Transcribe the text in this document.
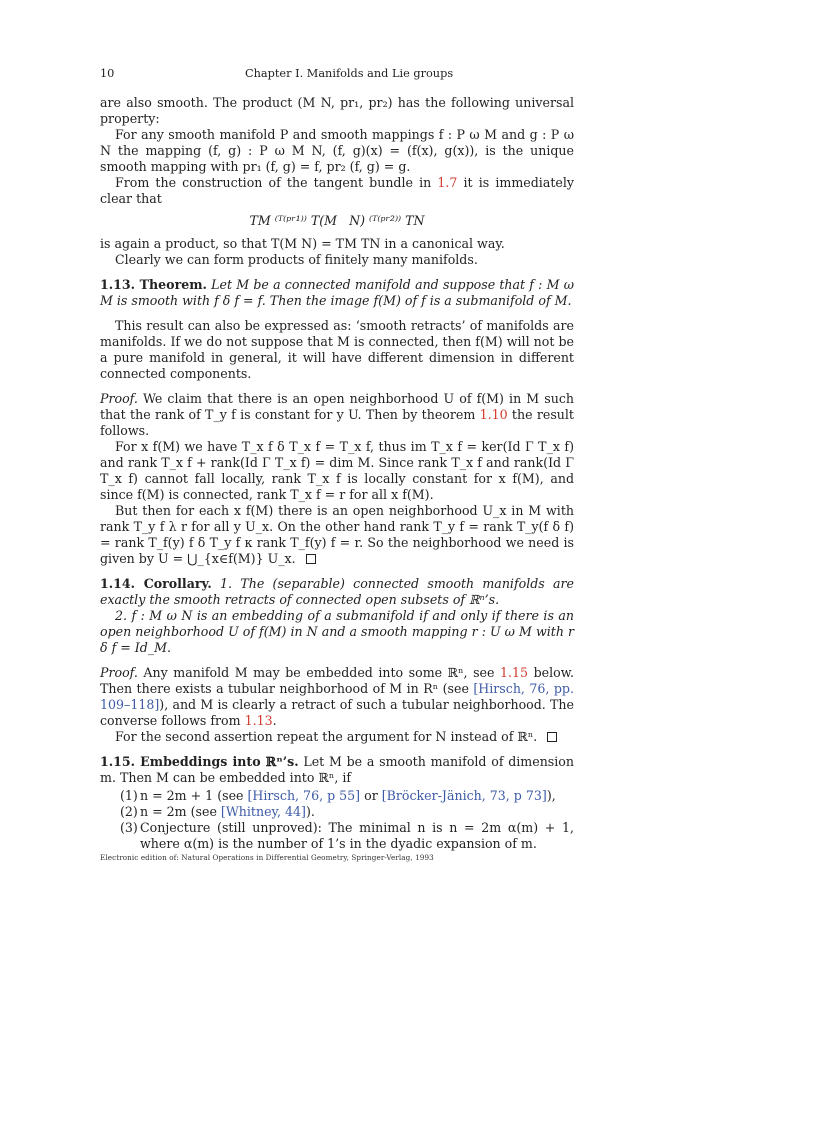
10	Chapter I. Manifolds and Lie groups

are also smooth. The product (M N, pr₁, pr₂) has the following universal property:

For any smooth manifold P and smooth mappings f : P ω M and g : P ω N the mapping (f, g) : P ω M N, (f, g)(x) = (f(x), g(x)), is the unique smooth mapping with pr₁ (f, g) = f, pr₂ (f, g) = g.

From the construction of the tangent bundle in 1.7 it is immediately clear that

TM ⁽ᵀ⁽ᵖʳ¹⁾⁾ T(M   N) ⁽ᵀ⁽ᵖʳ²⁾⁾ TN

is again a product, so that T(M N) = TM TN in a canonical way.

Clearly we can form products of finitely many manifolds.

1.13. Theorem. Let M be a connected manifold and suppose that f : M ω M is smooth with f δ f = f. Then the image f(M) of f is a submanifold of M.

This result can also be expressed as: ‘smooth retracts’ of manifolds are manifolds. If we do not suppose that M is connected, then f(M) will not be a pure manifold in general, it will have different dimension in different connected components.

Proof. We claim that there is an open neighborhood U of f(M) in M such that the rank of T_y f is constant for y U. Then by theorem 1.10 the result follows.

For x f(M) we have T_x f δ T_x f = T_x f, thus im T_x f = ker(Id Γ T_x f) and rank T_x f + rank(Id Γ T_x f) = dim M. Since rank T_x f and rank(Id Γ T_x f) cannot fall locally, rank T_x f is locally constant for x f(M), and since f(M) is connected, rank T_x f = r for all x f(M).

But then for each x f(M) there is an open neighborhood U_x in M with rank T_y f λ r for all y U_x. On the other hand rank T_y f = rank T_y(f δ f) = rank T_f(y) f δ T_y f κ rank T_f(y) f = r. So the neighborhood we need is given by U = ⋃_{x∈f(M)} U_x.

1.14. Corollary. 1. The (separable) connected smooth manifolds are exactly the smooth retracts of connected open subsets of ℝⁿ’s.

2. f : M ω N is an embedding of a submanifold if and only if there is an open neighborhood U of f(M) in N and a smooth mapping r : U ω M with r δ f = Id_M.

Proof. Any manifold M may be embedded into some ℝⁿ, see 1.15 below. Then there exists a tubular neighborhood of M in Rⁿ (see [Hirsch, 76, pp. 109–118]), and M is clearly a retract of such a tubular neighborhood. The converse follows from 1.13.

For the second assertion repeat the argument for N instead of ℝⁿ.

1.15. Embeddings into ℝⁿ’s. Let M be a smooth manifold of dimension m. Then M can be embedded into ℝⁿ, if

(1) n = 2m + 1 (see [Hirsch, 76, p 55] or [Bröcker-Jänich, 73, p 73]),
(2) n = 2m (see [Whitney, 44]).
(3) Conjecture (still unproved): The minimal n is n = 2m α(m) + 1, where α(m) is the number of 1’s in the dyadic expansion of m.
Electronic edition of: Natural Operations in Differential Geometry, Springer-Verlag, 1993
